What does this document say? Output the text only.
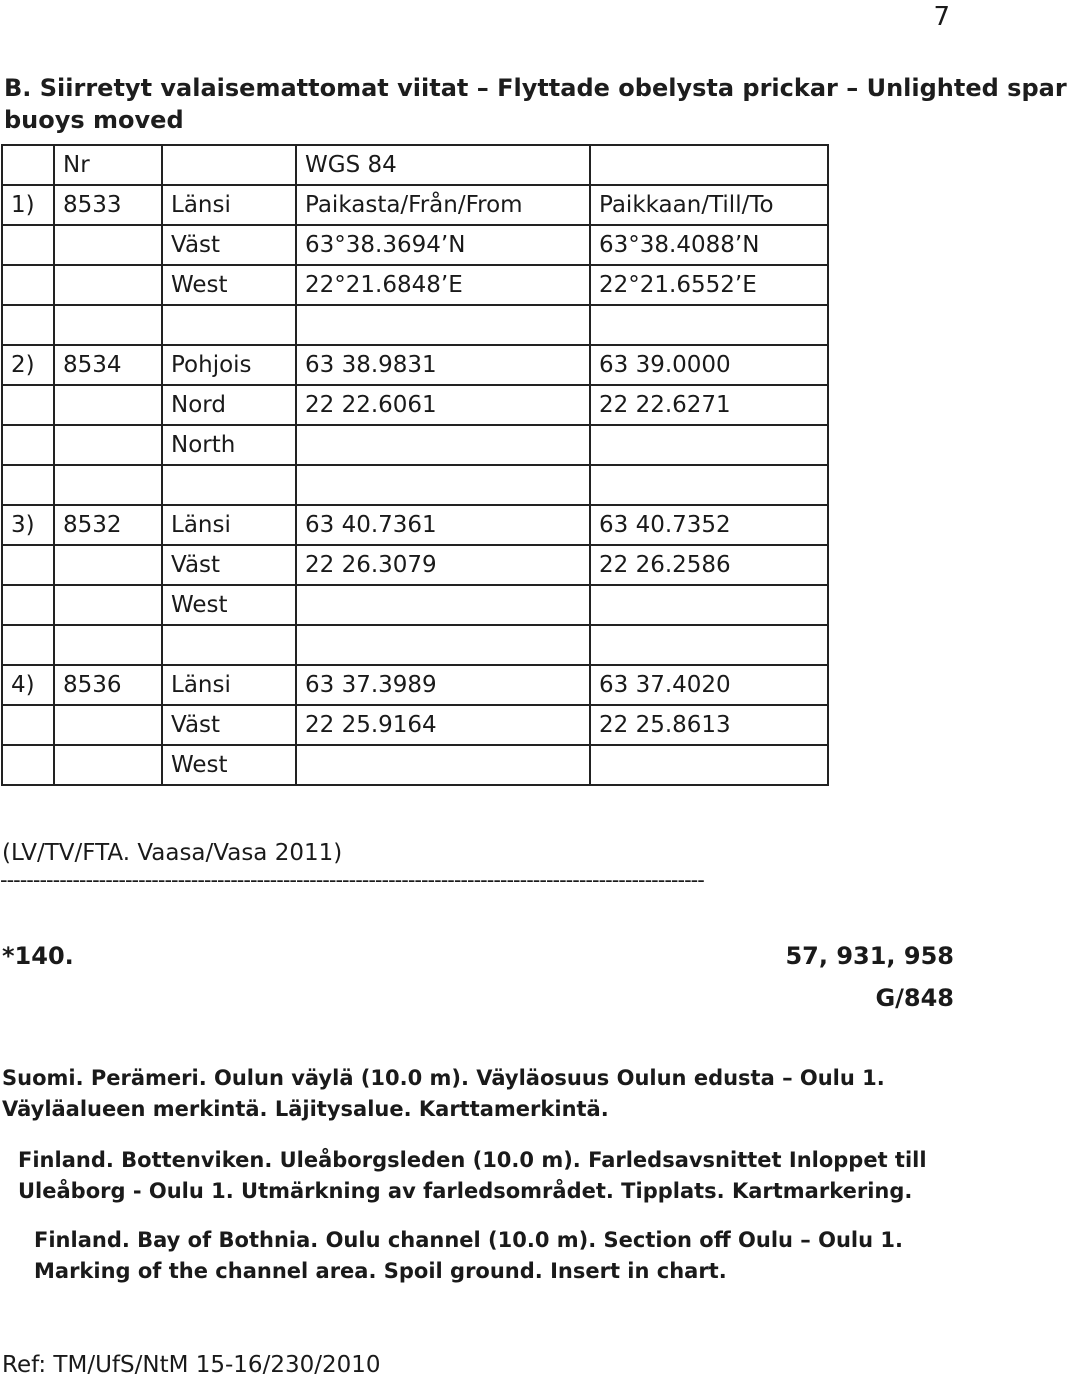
7
B. Siirretyt valaisemattomat viitat – Flyttade obelysta prickar – Unlighted spar
buoys moved
	Nr		WGS 84	
1)	8533	Länsi	Paikasta/Från/From	Paikkaan/Till/To
		Väst	63°38.3694’N	63°38.4088’N
		West	22°21.6848’E	22°21.6552’E

2)	8534	Pohjois	63 38.9831	63 39.0000
		Nord	22 22.6061	22 22.6271
		North		

3)	8532	Länsi	63 40.7361	63 40.7352
		Väst	22 26.3079	22 26.2586
		West		

4)	8536	Länsi	63 37.3989	63 37.4020
		Väst	22 25.9164	22 25.8613
		West		
(LV/TV/FTA. Vaasa/Vasa 2011)
-----------------------------------------------------------------------------------------------------------
*140.	57, 931, 958
G/848
Suomi. Perämeri. Oulun väylä (10.0 m). Väyläosuus Oulun edusta – Oulu 1.
Väyläalueen merkintä. Läjitysalue. Karttamerkintä.
Finland. Bottenviken. Uleåborgsleden (10.0 m). Farledsavsnittet Inloppet till
Uleåborg - Oulu 1. Utmärkning av farledsområdet. Tipplats. Kartmarkering.
Finland. Bay of Bothnia. Oulu channel (10.0 m). Section off Oulu – Oulu 1.
Marking of the channel area. Spoil ground. Insert in chart.
Ref: TM/UfS/NtM 15-16/230/2010
